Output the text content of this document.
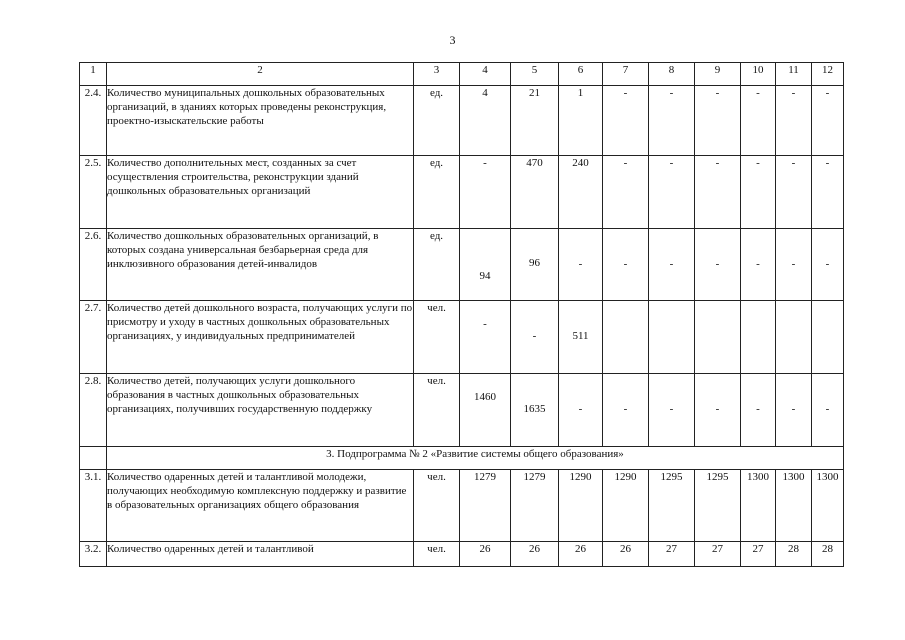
3
1	2	3	4	5	6	7	8	9	10	11	12
2.4.	Количество муниципальных дошкольных образовательных организаций, в зданиях которых проведены реконструкция, проектно-изыскательские работы	ед.	4	21	1	-	-	-	-	-	-
2.5.	Количество дополнительных мест, созданных за счет осуществления строительства, реконструкции зданий дошкольных образовательных организаций	ед.	-	470	240	-	-	-	-	-	-
2.6.	Количество дошкольных образовательных организаций, в которых создана универсальная безбарьерная среда для инклюзивного образования детей-инвалидов	ед.	94	96	-	-	-	-	-	-	-
2.7.	Количество детей дошкольного возраста, получающих услуги по присмотру и уходу в частных дошкольных образовательных организациях, у индивидуальных предпринимателей	чел.	-	-	511						
2.8.	Количество детей, получающих услуги дошкольного образования в частных дошкольных образовательных организациях, получивших государственную поддержку	чел.	1460	1635	-	-	-	-	-	-	-
	3. Подпрограмма № 2 «Развитие системы общего образования»										
3.1.	Количество одаренных детей и талантливой молодежи, получающих необходимую комплексную поддержку и развитие в образовательных организациях общего образования	чел.	1279	1279	1290	1290	1295	1295	1300	1300	1300
3.2.	Количество одаренных детей и талантливой	чел.	26	26	26	26	27	27	27	28	28
